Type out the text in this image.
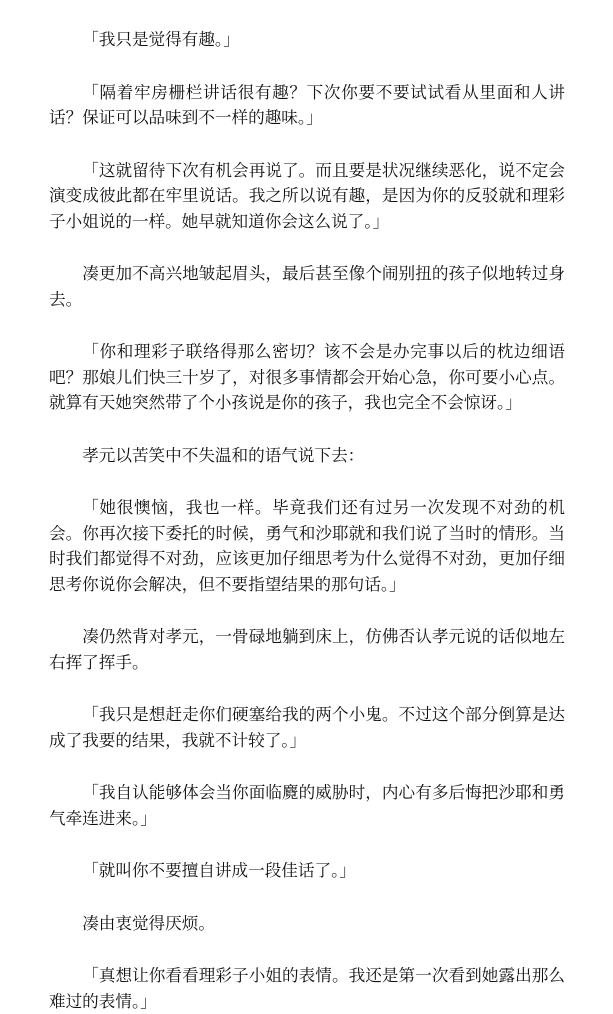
「我只是觉得有趣。」

「隔着牢房栅栏讲话很有趣？下次你要不要试试看从里面和人讲话？保证可以品味到不一样的趣味。」

「这就留待下次有机会再说了。而且要是状况继续恶化，说不定会演变成彼此都在牢里说话。我之所以说有趣，是因为你的反驳就和理彩子小姐说的一样。她早就知道你会这么说了。」

凑更加不高兴地皱起眉头，最后甚至像个闹别扭的孩子似地转过身去。

「你和理彩子联络得那么密切？该不会是办完事以后的枕边细语吧？那娘儿们快三十岁了，对很多事情都会开始心急，你可要小心点。就算有天她突然带了个小孩说是你的孩子，我也完全不会惊讶。」

孝元以苦笑中不失温和的语气说下去：

「她很懊恼，我也一样。毕竟我们还有过另一次发现不对劲的机会。你再次接下委托的时候，勇气和沙耶就和我们说了当时的情形。当时我们都觉得不对劲，应该更加仔细思考为什么觉得不对劲，更加仔细思考你说你会解决，但不要指望结果的那句话。」

凑仍然背对孝元，一骨碌地躺到床上，仿佛否认孝元说的话似地左右挥了挥手。

「我只是想赶走你们硬塞给我的两个小鬼。不过这个部分倒算是达成了我要的结果，我就不计较了。」

「我自认能够体会当你面临麑的威胁时，内心有多后悔把沙耶和勇气牵连进来。」

「就叫你不要擅自讲成一段佳话了。」

凑由衷觉得厌烦。

「真想让你看看理彩子小姐的表情。我还是第一次看到她露出那么难过的表情。」
